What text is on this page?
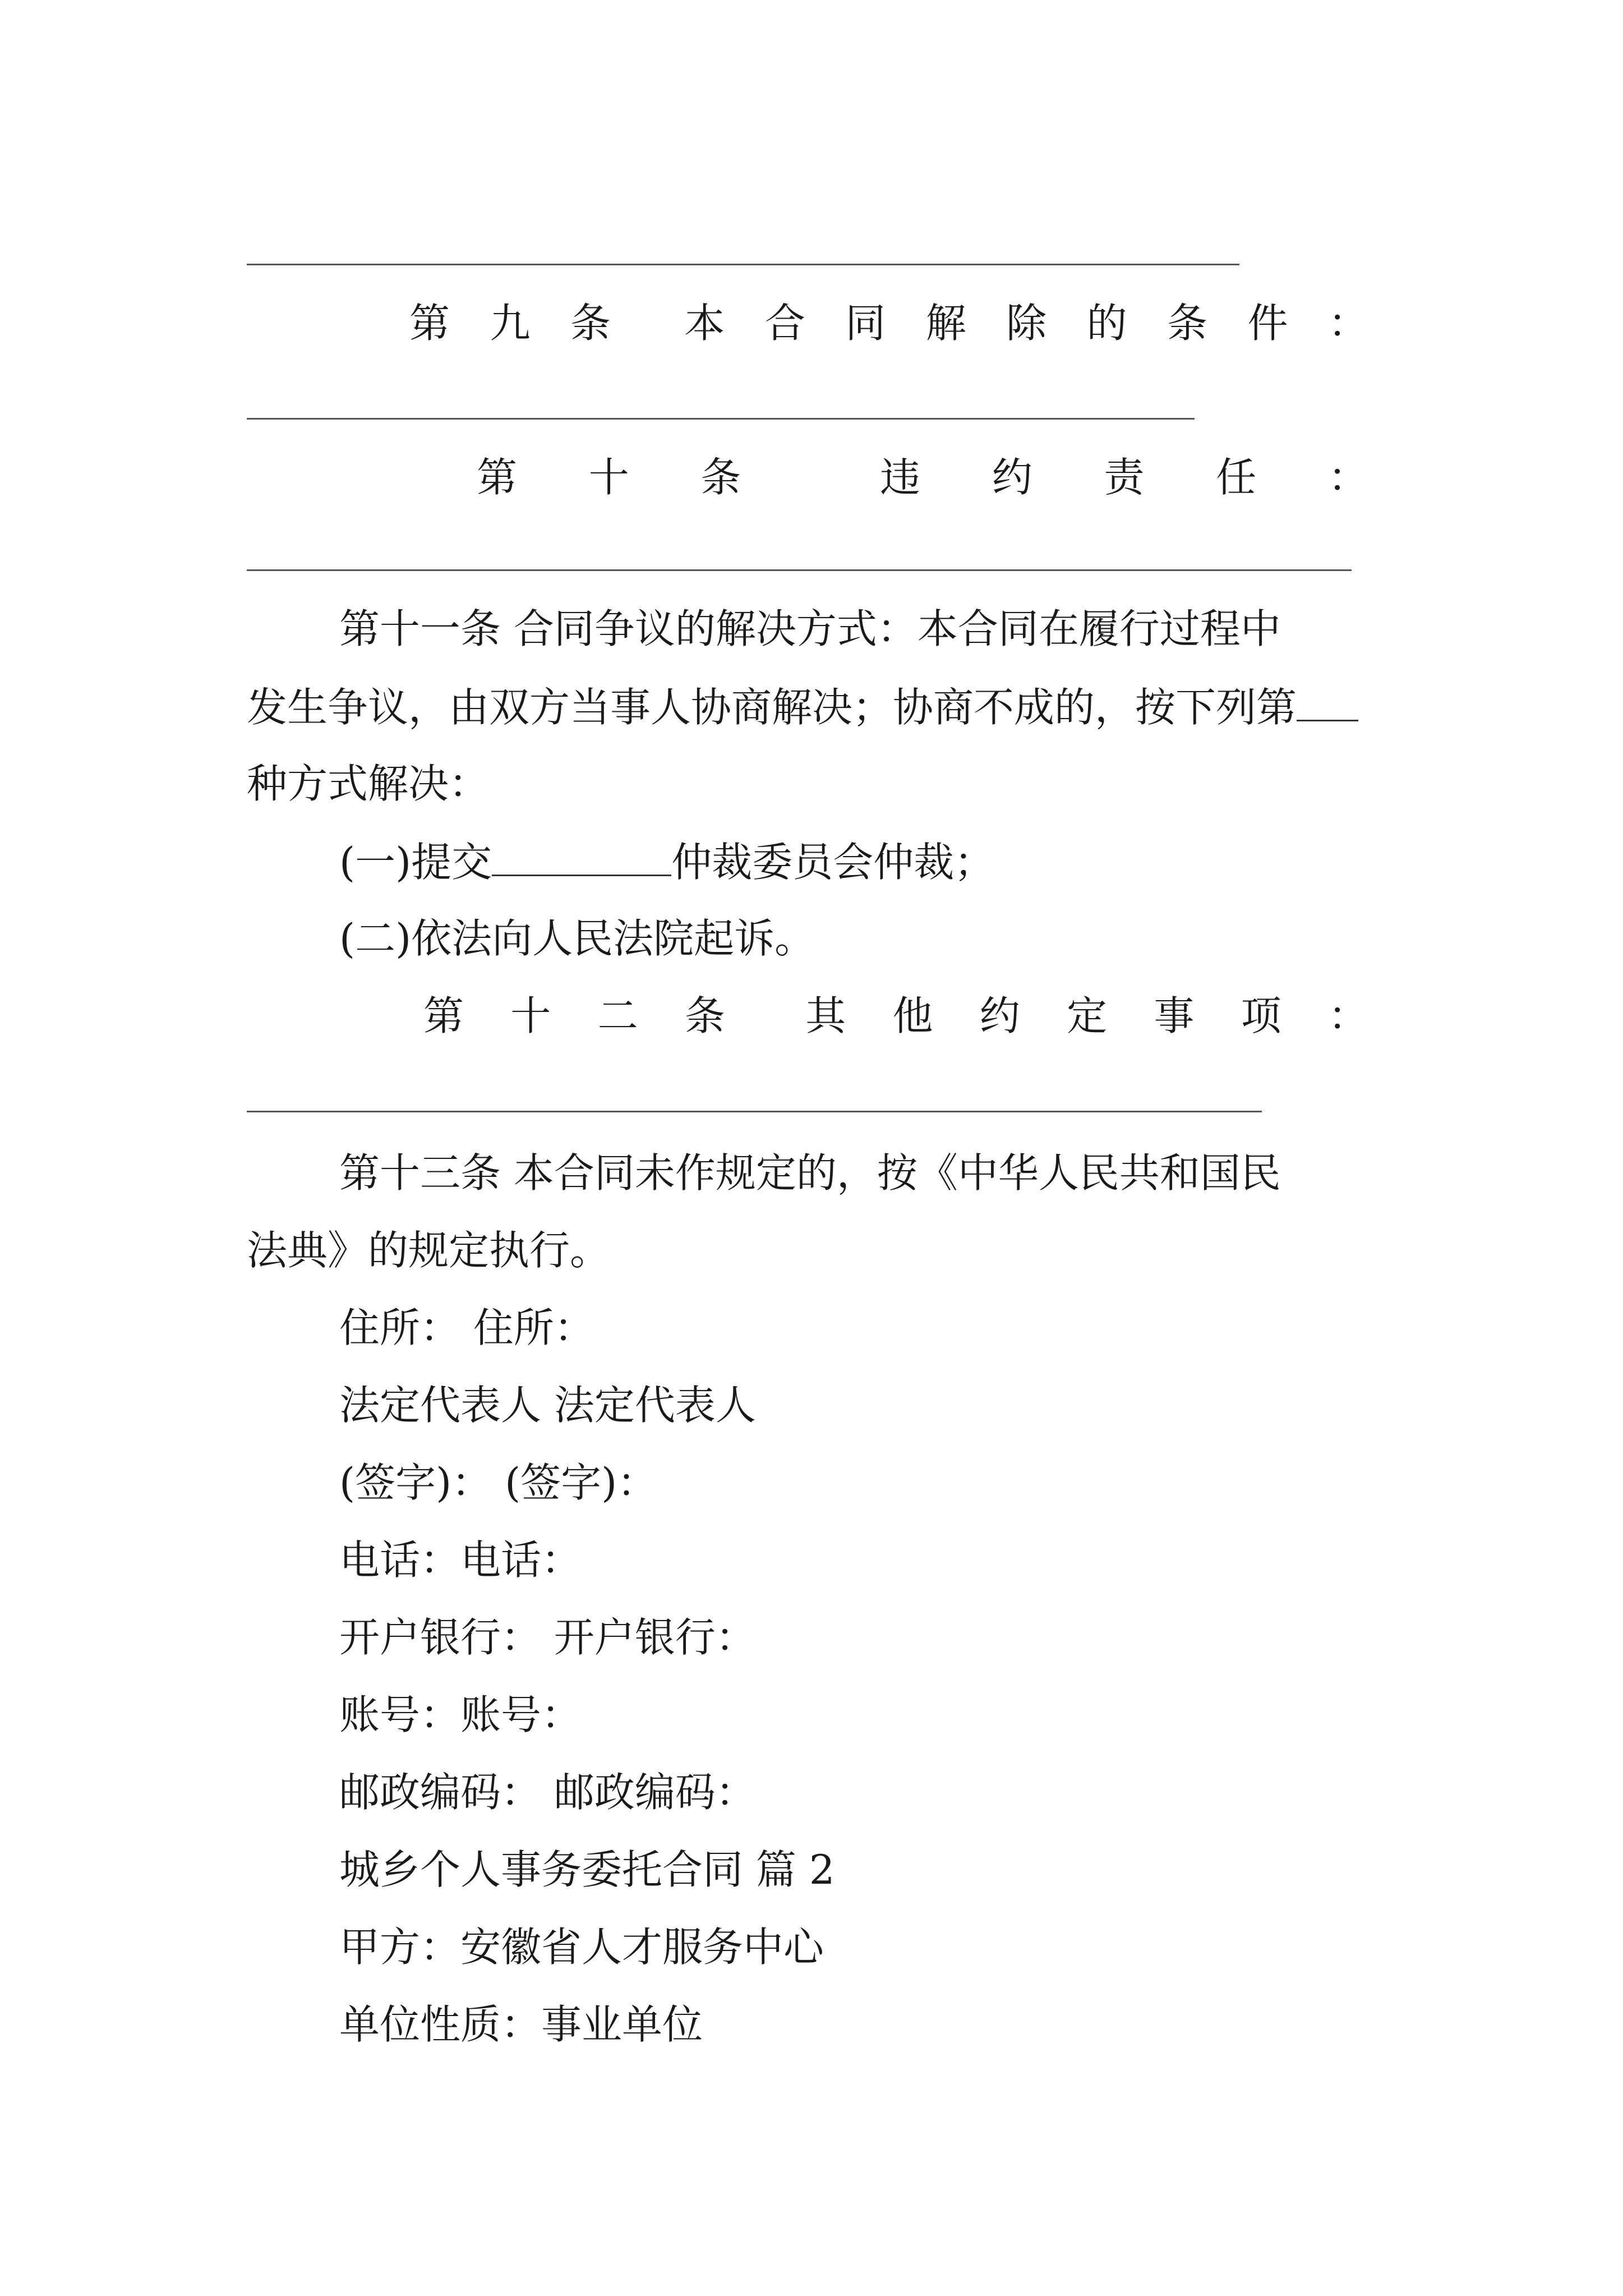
第 九 条 本 合 同 解 除 的 条 件 ：
第 十 条	违 约 责 任 ：
第十一条 合同争议的解决方式：本合同在履行过程中
发生争议，由双方当事人协商解决；协商不成的，按下列第
种方式解决：
(一)提交	仲裁委员会仲裁；
(二)依法向人民法院起诉。
第 十 二 条 其 他 约 定 事 项 ：
第十三条 本合同未作规定的，按《中华人民共和国民
法典》的规定执行。
住所： 住所：
法定代表人 法定代表人
(签字)： (签字)：
电话：电话：
开户银行： 开户银行：
账号：账号：
邮政编码： 邮政编码：
城乡个人事务委托合同 篇 2
甲方：安徽省人才服务中心
单位性质：事业单位
